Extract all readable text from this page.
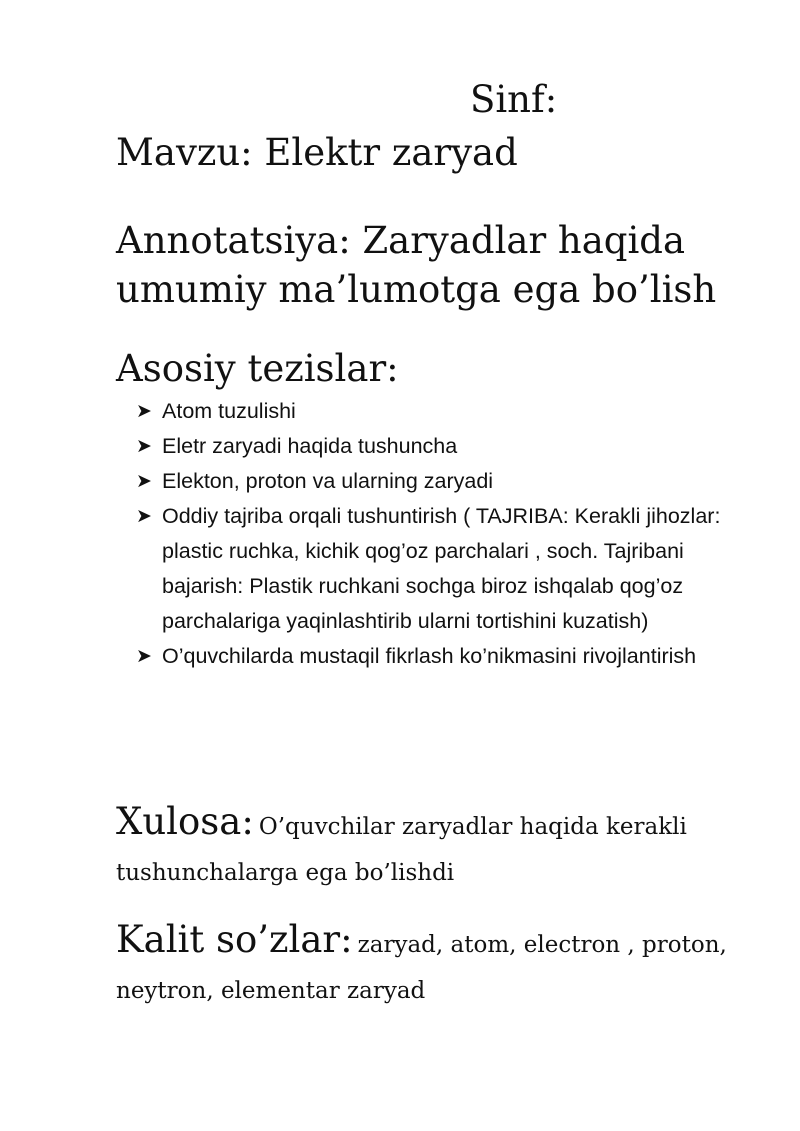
Sinf:
Mavzu: Elektr zaryad
Annotatsiya: Zaryadlar haqida
umumiy ma’lumotga ega bo’lish
Asosiy tezislar:
➤ Atom tuzulishi
➤ Eletr zaryadi haqida tushuncha
➤ Elekton, proton va ularning zaryadi
➤ Oddiy tajriba orqali tushuntirish ( TAJRIBA: Kerakli jihozlar: plastic ruchka, kichik qog’oz parchalari , soch. Tajribani bajarish: Plastik ruchkani sochga biroz ishqalab qog’oz parchalariga yaqinlashtirib ularni tortishini kuzatish)
➤ O’quvchilarda mustaqil fikrlash ko’nikmasini rivojlantirish
Xulosa: O’quvchilar zaryadlar haqida kerakli tushunchalarga ega bo’lishdi
Kalit so’zlar: zaryad, atom, electron , proton, neytron, elementar zaryad
